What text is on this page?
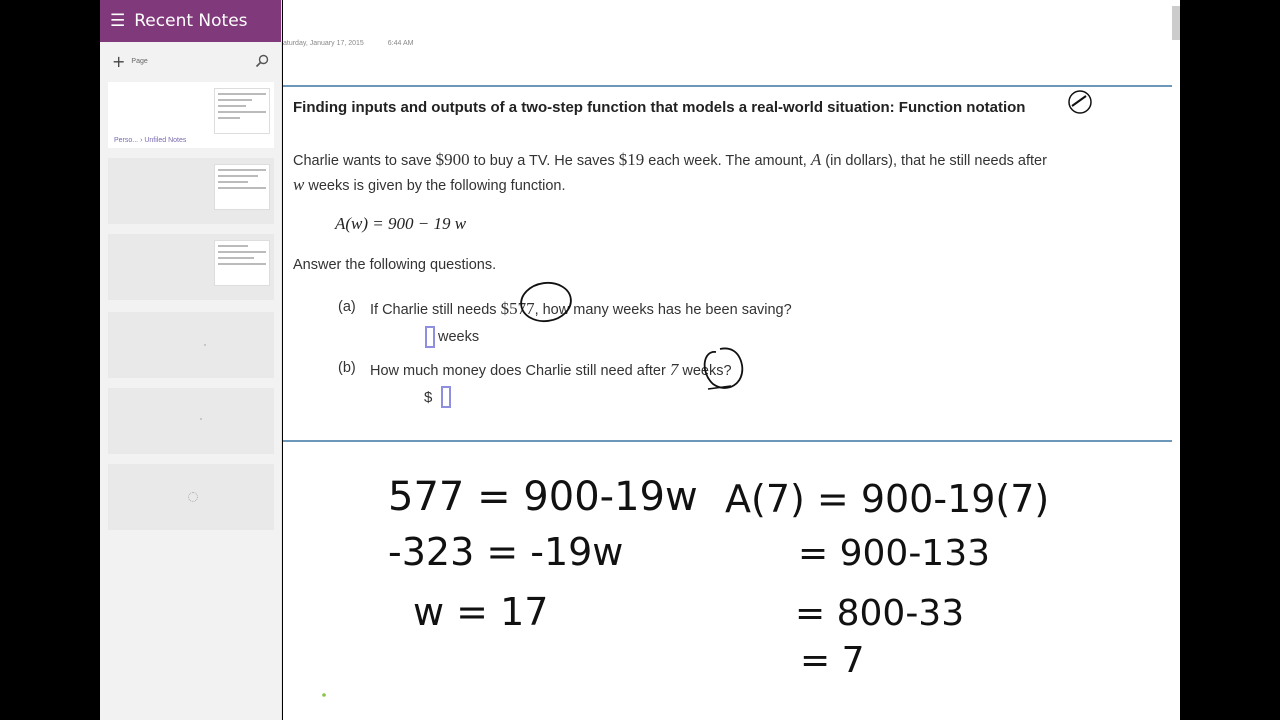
☰ Recent Notes
+ Page
Perso... › Unfiled Notes
aturday, January 17, 2015	6:44 AM
Finding inputs and outputs of a two-step function that models a real-world situation: Function notation
Charlie wants to save $900 to buy a TV. He saves $19 each week. The amount, A (in dollars), that he still needs after
w weeks is given by the following function.
A(w) = 900 − 19 w
Answer the following questions.
(a) If Charlie still needs $577, how many weeks has he been saving?
weeks
(b) How much money does Charlie still need after 7 weeks?
$
577 = 900-19w
-323 = -19w
w = 17
A(7) = 900-19(7)
= 900-133
= 800-33
= 7
